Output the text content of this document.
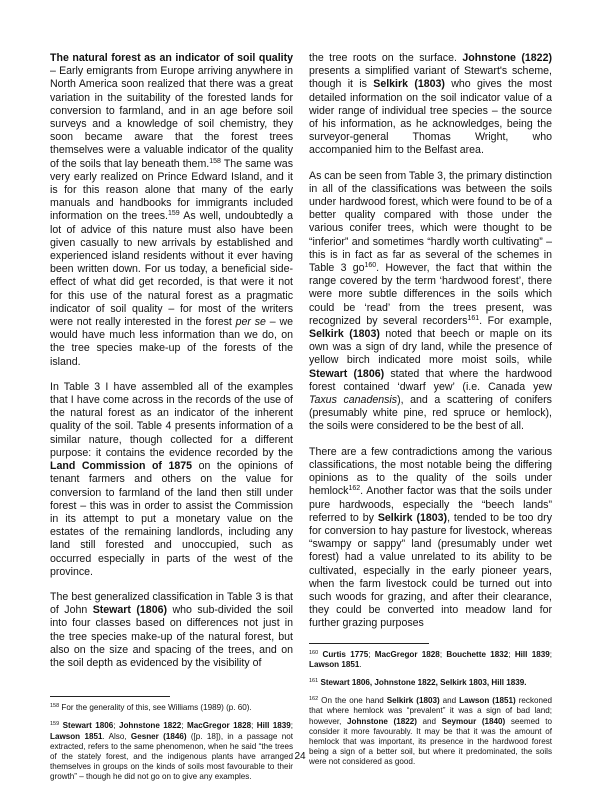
The natural forest as an indicator of soil quality – Early emigrants from Europe arriving anywhere in North America soon realized that there was a great variation in the suitability of the forested lands for conversion to farmland, and in an age before soil surveys and a knowledge of soil chemistry, they soon became aware that the forest trees themselves were a valuable indicator of the quality of the soils that lay beneath them.$^{158}$ The same was very early realized on Prince Edward Island, and it is for this reason alone that many of the early manuals and handbooks for immigrants included information on the trees.$^{159}$ As well, undoubtedly a lot of advice of this nature must also have been given casually to new arrivals by established and experienced island residents without it ever having been written down. For us today, a beneficial side-effect of what did get recorded, is that were it not for this use of the natural forest as a pragmatic indicator of soil quality – for most of the writers were not really interested in the forest per se – we would have much less information than we do, on the tree species make-up of the forests of the island.

In Table 3 I have assembled all of the examples that I have come across in the records of the use of the natural forest as an indicator of the inherent quality of the soil. Table 4 presents information of a similar nature, though collected for a different purpose: it contains the evidence recorded by the Land Commission of 1875 on the opinions of tenant farmers and others on the value for conversion to farmland of the land then still under forest – this was in order to assist the Commission in its attempt to put a monetary value on the estates of the remaining landlords, including any land still forested and unoccupied, such as occurred especially in parts of the west of the province.

The best generalized classification in Table 3 is that of John Stewart (1806) who sub-divided the soil into four classes based on differences not just in the tree species make-up of the natural forest, but also on the size and spacing of the trees, and on the soil depth as evidenced by the visibility of

$^{158}$ For the generality of this, see Williams (1989) (p. 60).

$^{159}$ Stewart 1806; Johnstone 1822; MacGregor 1828; Hill 1839; Lawson 1851. Also, Gesner (1846) ([p. 18]), in a passage not extracted, refers to the same phenomenon, when he said “the trees of the stately forest, and the indigenous plants have arranged themselves in groups on the kinds of soils most favourable to their growth” – though he did not go on to give any examples.

the tree roots on the surface. Johnstone (1822) presents a simplified variant of Stewart's scheme, though it is Selkirk (1803) who gives the most detailed information on the soil indicator value of a wider range of individual tree species – the source of his information, as he acknowledges, being the surveyor-general Thomas Wright, who accompanied him to the Belfast area.

As can be seen from Table 3, the primary distinction in all of the classifications was between the soils under hardwood forest, which were found to be of a better quality compared with those under the various conifer trees, which were thought to be “inferior” and sometimes “hardly worth cultivating” – this is in fact as far as several of the schemes in Table 3 $go^{160}$. However, the fact that within the range covered by the term ‘hardwood forest’, there were more subtle differences in the soils which could be ‘read’ from the trees present, was recognized by several recorders$^{161}$. For example, Selkirk (1803) noted that beech or maple on its own was a sign of dry land, while the presence of yellow birch indicated more moist soils, while Stewart (1806) stated that where the hardwood forest contained ‘dwarf yew’ (i.e. Canada yew Taxus canadensis), and a scattering of conifers (presumably white pine, red spruce or hemlock), the soils were considered to be the best of all.

There are a few contradictions among the various classifications, the most notable being the differing opinions as to the quality of the soils under hemlock$^{162}$. Another factor was that the soils under pure hardwoods, especially the “beech lands” referred to by Selkirk (1803), tended to be too dry for conversion to hay pasture for livestock, whereas “swampy or sappy” land (presumably under wet forest) had a value unrelated to its ability to be cultivated, especially in the early pioneer years, when the farm livestock could be turned out into such woods for grazing, and after their clearance, they could be converted into meadow land for further grazing purposes

$^{160}$ Curtis 1775; MacGregor 1828; Bouchette 1832; Hill 1839; Lawson 1851.

$^{161}$ Stewart 1806, Johnstone 1822, Selkirk 1803, Hill 1839.

$^{162}$ On the one hand Selkirk (1803) and Lawson (1851) reckoned that where hemlock was “prevalent” it was a sign of bad land; however, Johnstone (1822) and Seymour (1840) seemed to consider it more favourably. It may be that it was the amount of hemlock that was important, its presence in the hardwood forest being a sign of a better soil, but where it predominated, the soils were not considered as good.

24
